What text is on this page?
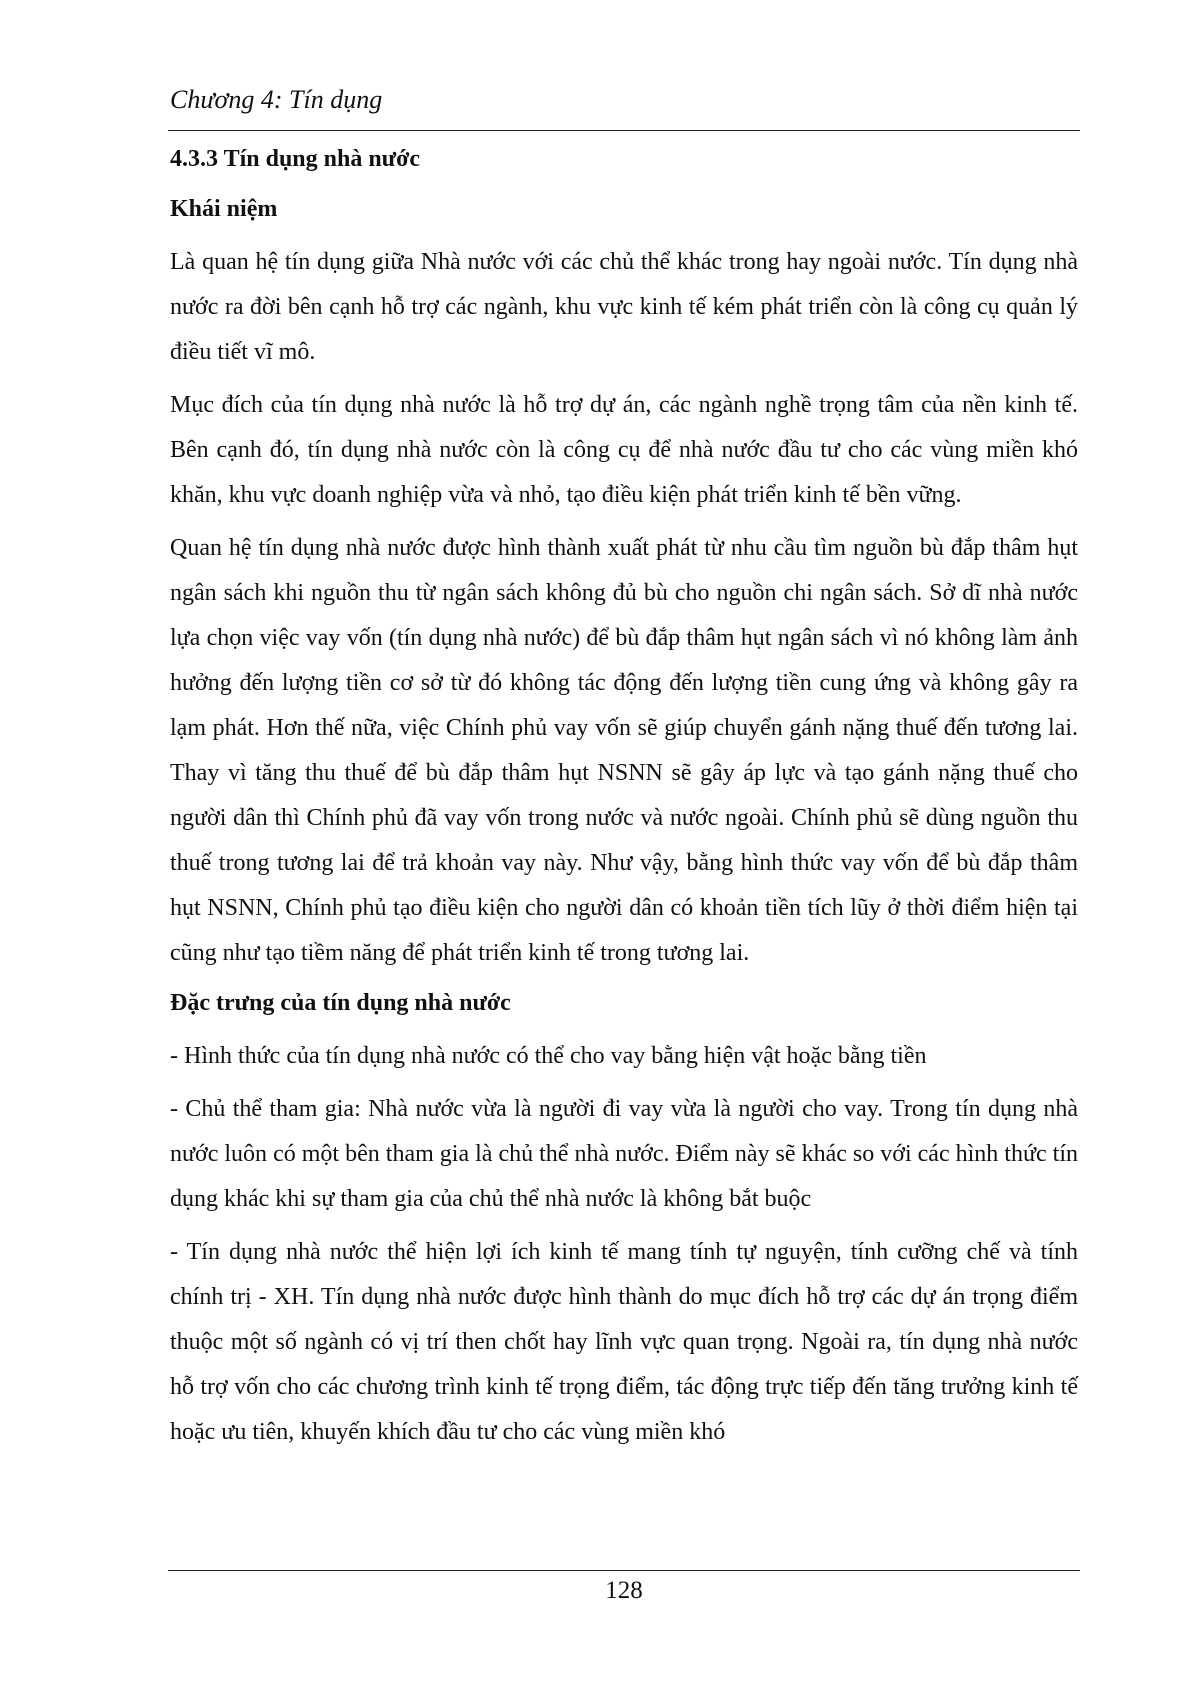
Chương 4: Tín dụng
4.3.3 Tín dụng nhà nước
Khái niệm

Là quan hệ tín dụng giữa Nhà nước với các chủ thể khác trong hay ngoài nước. Tín dụng nhà nước ra đời bên cạnh hỗ trợ các ngành, khu vực kinh tế kém phát triển còn là công cụ quản lý điều tiết vĩ mô.

Mục đích của tín dụng nhà nước là hỗ trợ dự án, các ngành nghề trọng tâm của nền kinh tế. Bên cạnh đó, tín dụng nhà nước còn là công cụ để nhà nước đầu tư cho các vùng miền khó khăn, khu vực doanh nghiệp vừa và nhỏ, tạo điều kiện phát triển kinh tế bền vững.

Quan hệ tín dụng nhà nước được hình thành xuất phát từ nhu cầu tìm nguồn bù đắp thâm hụt ngân sách khi nguồn thu từ ngân sách không đủ bù cho nguồn chi ngân sách. Sở dĩ nhà nước lựa chọn việc vay vốn (tín dụng nhà nước) để bù đắp thâm hụt ngân sách vì nó không làm ảnh hưởng đến lượng tiền cơ sở từ đó không tác động đến lượng tiền cung ứng và không gây ra lạm phát. Hơn thế nữa, việc Chính phủ vay vốn sẽ giúp chuyển gánh nặng thuế đến tương lai. Thay vì tăng thu thuế để bù đắp thâm hụt NSNN sẽ gây áp lực và tạo gánh nặng thuế cho người dân thì Chính phủ đã vay vốn trong nước và nước ngoài. Chính phủ sẽ dùng nguồn thu thuế trong tương lai để trả khoản vay này. Như vậy, bằng hình thức vay vốn để bù đắp thâm hụt NSNN, Chính phủ tạo điều kiện cho người dân có khoản tiền tích lũy ở thời điểm hiện tại cũng như tạo tiềm năng để phát triển kinh tế trong tương lai.

Đặc trưng của tín dụng nhà nước

- Hình thức của tín dụng nhà nước có thể cho vay bằng hiện vật hoặc bằng tiền

- Chủ thể tham gia: Nhà nước vừa là người đi vay vừa là người cho vay. Trong tín dụng nhà nước luôn có một bên tham gia là chủ thể nhà nước. Điểm này sẽ khác so với các hình thức tín dụng khác khi sự tham gia của chủ thể nhà nước là không bắt buộc

- Tín dụng nhà nước thể hiện lợi ích kinh tế mang tính tự nguyện, tính cưỡng chế và tính chính trị - XH. Tín dụng nhà nước được hình thành do mục đích hỗ trợ các dự án trọng điểm thuộc một số ngành có vị trí then chốt hay lĩnh vực quan trọng. Ngoài ra, tín dụng nhà nước hỗ trợ vốn cho các chương trình kinh tế trọng điểm, tác động trực tiếp đến tăng trưởng kinh tế hoặc ưu tiên, khuyến khích đầu tư cho các vùng miền khó

128
